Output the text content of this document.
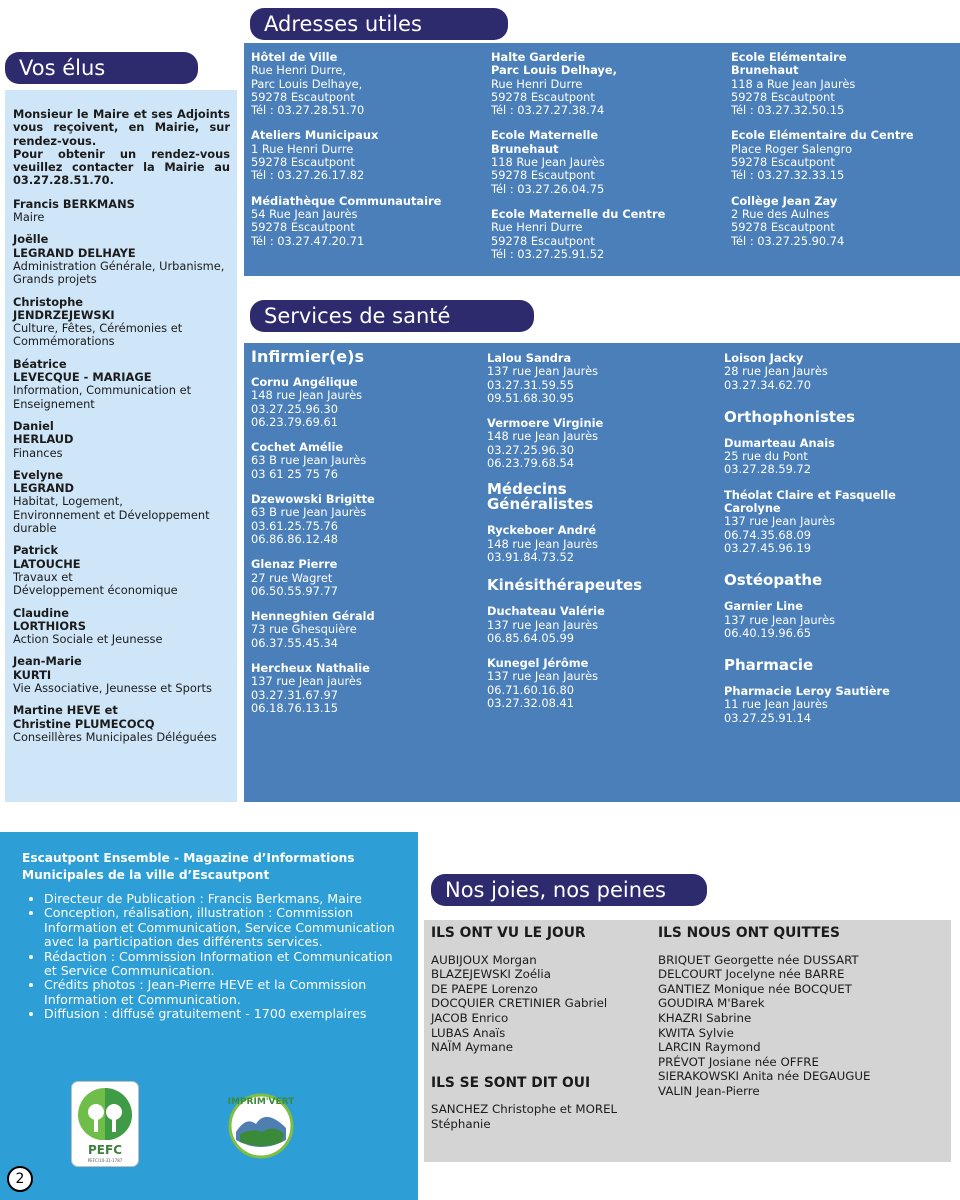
Adresses utiles
Vos élus
Services de santé
Nos joies, nos peines

Monsieur le Maire et ses Adjoints vous reçoivent, en Mairie, sur rendez-vous.

Pour obtenir un rendez-vous veuillez contacter la Mairie au 03.27.28.51.70.

Francis BERKMANS
Maire
Joëlle
LEGRAND DELHAYE
Administration Générale, Urbanisme, Grands projets
Christophe
JENDRZEJEWSKI
Culture, Fêtes, Cérémonies et Commémorations
Béatrice
LEVECQUE - MARIAGE
Information, Communication et Enseignement
Daniel
HERLAUD
Finances
Evelyne
LEGRAND
Habitat, Logement,
Environnement et Développement durable
Patrick
LATOUCHE
Travaux et
Développement économique
Claudine
LORTHIORS
Action Sociale et Jeunesse
Jean-Marie
KURTI
Vie Associative, Jeunesse et Sports
Martine HEVE et
Christine PLUMECOCQ
Conseillères Municipales Déléguées
Hôtel de Ville
Rue Henri Durre,
Parc Louis Delhaye,
59278 Escautpont
Tél : 03.27.28.51.70
Ateliers Municipaux
1 Rue Henri Durre
59278 Escautpont
Tél : 03.27.26.17.82
Médiathèque Communautaire
54 Rue Jean Jaurès
59278 Escautpont
Tél : 03.27.47.20.71
Halte Garderie
Parc Louis Delhaye,
Rue Henri Durre
59278 Escautpont
Tél : 03.27.27.38.74
Ecole Maternelle
Brunehaut
118 Rue Jean Jaurès
59278 Escautpont
Tél : 03.27.26.04.75
Ecole Maternelle du Centre
Rue Henri Durre
59278 Escautpont
Tél : 03.27.25.91.52
Ecole Elémentaire
Brunehaut
118 a Rue Jean Jaurès
59278 Escautpont
Tél : 03.27.32.50.15
Ecole Elémentaire du Centre
Place Roger Salengro
59278 Escautpont
Tél : 03.27.32.33.15
Collège Jean Zay
2 Rue des Aulnes
59278 Escautpont
Tél : 03.27.25.90.74
Infirmier(e)s
Cornu Angélique
148 rue Jean Jaurès
03.27.25.96.30
06.23.79.69.61
Cochet Amélie
63 B rue Jean Jaurès
03 61 25 75 76
Dzewowski Brigitte
63 B rue Jean Jaurès
03.61.25.75.76
06.86.86.12.48
Glenaz Pierre
27 rue Wagret
06.50.55.97.77
Henneghien Gérald
73 rue Ghesquière
06.37.55.45.34
Hercheux Nathalie
137 rue Jean jaurès
03.27.31.67.97
06.18.76.13.15
Lalou Sandra
137 rue Jean Jaurès
03.27.31.59.55
09.51.68.30.95
Vermoere Virginie
148 rue Jean Jaurès
03.27.25.96.30
06.23.79.68.54
Médecins
Généralistes
Ryckeboer André
148 rue Jean Jaurès
03.91.84.73.52
Kinésithérapeutes
Duchateau Valérie
137 rue Jean Jaurès
06.85.64.05.99
Kunegel Jérôme
137 rue Jean Jaurès
06.71.60.16.80
03.27.32.08.41
Loison Jacky
28 rue Jean Jaurès
03.27.34.62.70
Orthophonistes
Dumarteau Anais
25 rue du Pont
03.27.28.59.72
Théolat Claire et Fasquelle Carolyne
137 rue Jean Jaurès
06.74.35.68.09
03.27.45.96.19
Ostéopathe
Garnier Line
137 rue Jean Jaurès
06.40.19.96.65
Pharmacie
Pharmacie Leroy Sautière
11 rue Jean Jaurès
03.27.25.91.14
Escautpont Ensemble - Magazine d’Informations Municipales de la ville d’Escautpont
• Directeur de Publication : Francis Berkmans, Maire
• Conception, réalisation, illustration : Commission Information et Communication, Service Communication avec la participation des différents services.
• Rédaction : Commission Information et Communication et Service Communication.
• Crédits photos : Jean-Pierre HEVE et la Commission Information et Communication.
• Diffusion : diffusé gratuitement - 1700 exemplaires
PEFC
PEFC/10-31-1787
IMPRIM'VERT
2
ILS ONT VU LE JOUR
AUBIJOUX Morgan
BLAZEJEWSKI Zoélia
DE PAEPE Lorenzo
DOCQUIER CRETINIER Gabriel
JACOB Enrico
LUBAS Anaïs
NAÏM Aymane
ILS SE SONT DIT OUI
SANCHEZ Christophe et MOREL Stéphanie
ILS NOUS ONT QUITTES
BRIQUET Georgette née DUSSART
DELCOURT Jocelyne née BARRE
GANTIEZ Monique née BOCQUET
GOUDIRA M'Barek
KHAZRI Sabrine
KWITA Sylvie
LARCIN Raymond
PRÉVOT Josiane née OFFRE
SIERAKOWSKI Anita née DEGAUGUE
VALIN Jean-Pierre
